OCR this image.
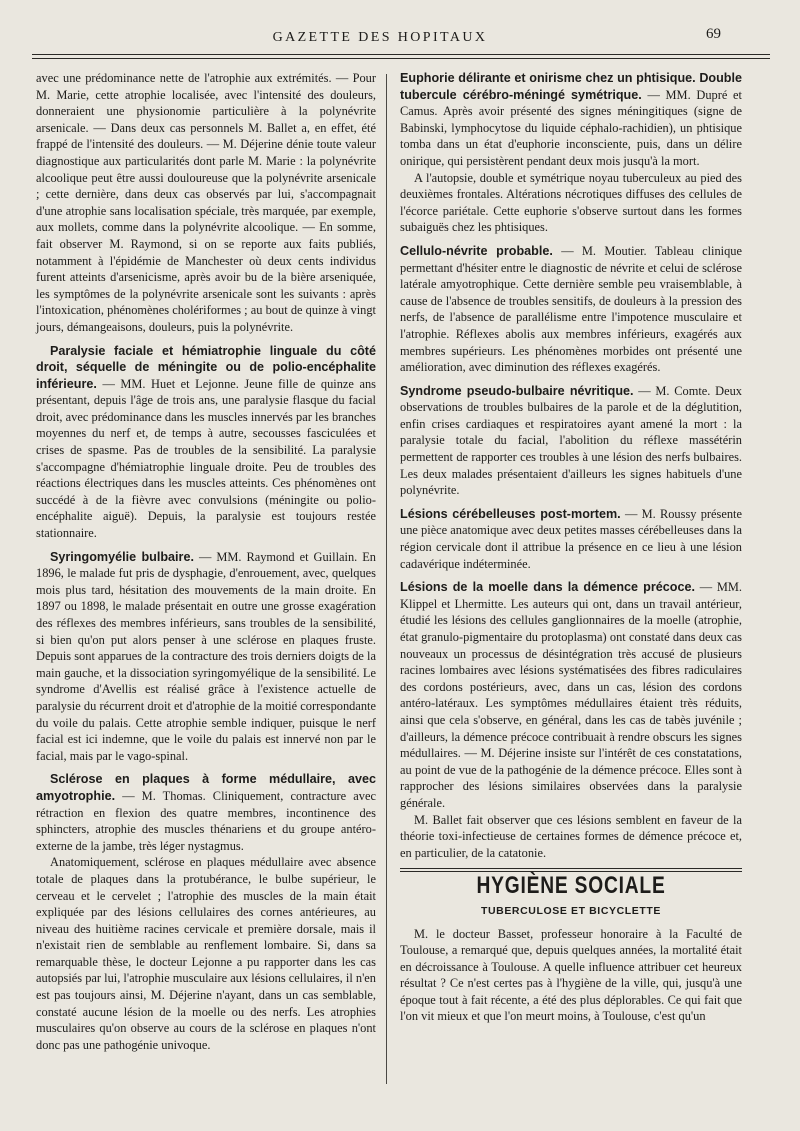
GAZETTE DES HOPITAUX	69

avec une prédominance nette de l'atrophie aux extrémités. — Pour M. Marie, cette atrophie localisée, avec l'intensité des douleurs, donneraient une physionomie particulière à la polynévrite arsenicale. — Dans deux cas personnels M. Ballet a, en effet, été frappé de l'intensité des douleurs. — M. Déjerine dénie toute valeur diagnostique aux particularités dont parle M. Marie : la polynévrite alcoolique peut être aussi douloureuse que la polynévrite arsenicale ; cette dernière, dans deux cas observés par lui, s'accompagnait d'une atrophie sans localisation spéciale, très marquée, par exemple, aux mollets, comme dans la polynévrite alcoolique. — En somme, fait observer M. Raymond, si on se reporte aux faits publiés, notamment à l'épidémie de Manchester où deux cents individus furent atteints d'arsenicisme, après avoir bu de la bière arseniquée, les symptômes de la polynévrite arsenicale sont les suivants : après l'intoxication, phénomènes cholériformes ; au bout de quinze à vingt jours, démangeaisons, douleurs, puis la polynévrite.

Paralysie faciale et hémiatrophie linguale du côté droit, séquelle de méningite ou de polio-encéphalite inférieure. — MM. Huet et Lejonne. Jeune fille de quinze ans présentant, depuis l'âge de trois ans, une paralysie flasque du facial droit, avec prédominance dans les muscles innervés par les branches moyennes du nerf et, de temps à autre, secousses fasciculées et crises de spasme. Pas de troubles de la sensibilité. La paralysie s'accompagne d'hémiatrophie linguale droite. Peu de troubles des réactions électriques dans les muscles atteints. Ces phénomènes ont succédé à de la fièvre avec convulsions (méningite ou polio-encéphalite aiguë). Depuis, la paralysie est toujours restée stationnaire.

Syringomyélie bulbaire. — MM. Raymond et Guillain. En 1896, le malade fut pris de dysphagie, d'enrouement, avec, quelques mois plus tard, hésitation des mouvements de la main droite. En 1897 ou 1898, le malade présentait en outre une grosse exagération des réflexes des membres inférieurs, sans troubles de la sensibilité, si bien qu'on put alors penser à une sclérose en plaques fruste. Depuis sont apparues de la contracture des trois derniers doigts de la main gauche, et la dissociation syringomyélique de la sensibilité. Le syndrome d'Avellis est réalisé grâce à l'existence actuelle de paralysie du récurrent droit et d'atrophie de la moitié correspondante du voile du palais. Cette atrophie semble indiquer, puisque le nerf facial est ici indemne, que le voile du palais est innervé non par le facial, mais par le vago-spinal.

Sclérose en plaques à forme médullaire, avec amyotrophie. — M. Thomas. Cliniquement, contracture avec rétraction en flexion des quatre membres, incontinence des sphincters, atrophie des muscles thénariens et du groupe antéro-externe de la jambe, très léger nystagmus.

Anatomiquement, sclérose en plaques médullaire avec absence totale de plaques dans la protubérance, le bulbe supérieur, le cerveau et le cervelet ; l'atrophie des muscles de la main était expliquée par des lésions cellulaires des cornes antérieures, au niveau des huitième racines cervicale et première dorsale, mais il n'existait rien de semblable au renflement lombaire. Si, dans sa remarquable thèse, le docteur Lejonne a pu rapporter dans les cas autopsiés par lui, l'atrophie musculaire aux lésions cellulaires, il n'en est pas toujours ainsi, M. Déjerine n'ayant, dans un cas semblable, constaté aucune lésion de la moelle ou des nerfs. Les atrophies musculaires qu'on observe au cours de la sclérose en plaques n'ont donc pas une pathogénie univoque.

Euphorie délirante et onirisme chez un phtisique. Double tubercule cérébro-méningé symétrique. — MM. Dupré et Camus. Après avoir présenté des signes méningitiques (signe de Babinski, lymphocytose du liquide céphalo-rachidien), un phtisique tomba dans un état d'euphorie inconsciente, puis, dans un délire onirique, qui persistèrent pendant deux mois jusqu'à la mort.

A l'autopsie, double et symétrique noyau tuberculeux au pied des deuxièmes frontales. Altérations nécrotiques diffuses des cellules de l'écorce pariétale. Cette euphorie s'observe surtout dans les formes subaiguës chez les phtisiques.

Cellulo-névrite probable. — M. Moutier. Tableau clinique permettant d'hésiter entre le diagnostic de névrite et celui de sclérose latérale amyotrophique. Cette dernière semble peu vraisemblable, à cause de l'absence de troubles sensitifs, de douleurs à la pression des nerfs, de l'absence de parallélisme entre l'impotence musculaire et l'atrophie. Réflexes abolis aux membres inférieurs, exagérés aux membres supérieurs. Les phénomènes morbides ont présenté une amélioration, avec diminution des réflexes exagérés.

Syndrome pseudo-bulbaire névritique. — M. Comte. Deux observations de troubles bulbaires de la parole et de la déglutition, enfin crises cardiaques et respiratoires ayant amené la mort : la paralysie totale du facial, l'abolition du réflexe massétérin permettent de rapporter ces troubles à une lésion des nerfs bulbaires. Les deux malades présentaient d'ailleurs les signes habituels d'une polynévrite.

Lésions cérébelleuses post-mortem. — M. Roussy présente une pièce anatomique avec deux petites masses cérébelleuses dans la région cervicale dont il attribue la présence en ce lieu à une lésion cadavérique indéterminée.

Lésions de la moelle dans la démence précoce. — MM. Klippel et Lhermitte. Les auteurs qui ont, dans un travail antérieur, étudié les lésions des cellules ganglionnaires de la moelle (atrophie, état granulo-pigmentaire du protoplasma) ont constaté dans deux cas nouveaux un processus de désintégration très accusé de plusieurs racines lombaires avec lésions systématisées des fibres radiculaires des cordons postérieurs, avec, dans un cas, lésion des cordons antéro-latéraux. Les symptômes médullaires étaient très réduits, ainsi que cela s'observe, en général, dans les cas de tabès juvénile ; d'ailleurs, la démence précoce contribuait à rendre obscurs les signes médullaires. — M. Déjerine insiste sur l'intérêt de ces constatations, au point de vue de la pathogénie de la démence précoce. Elles sont à rapprocher des lésions similaires observées dans la paralysie générale.

M. Ballet fait observer que ces lésions semblent en faveur de la théorie toxi-infectieuse de certaines formes de démence précoce et, en particulier, de la catatonie.

HYGIÈNE SOCIALE
TUBERCULOSE ET BICYCLETTE

M. le docteur Basset, professeur honoraire à la Faculté de Toulouse, a remarqué que, depuis quelques années, la mortalité était en décroissance à Toulouse. A quelle influence attribuer cet heureux résultat ? Ce n'est certes pas à l'hygiène de la ville, qui, jusqu'à une époque tout à fait récente, a été des plus déplorables. Ce qui fait que l'on vit mieux et que l'on meurt moins, à Toulouse, c'est qu'un
